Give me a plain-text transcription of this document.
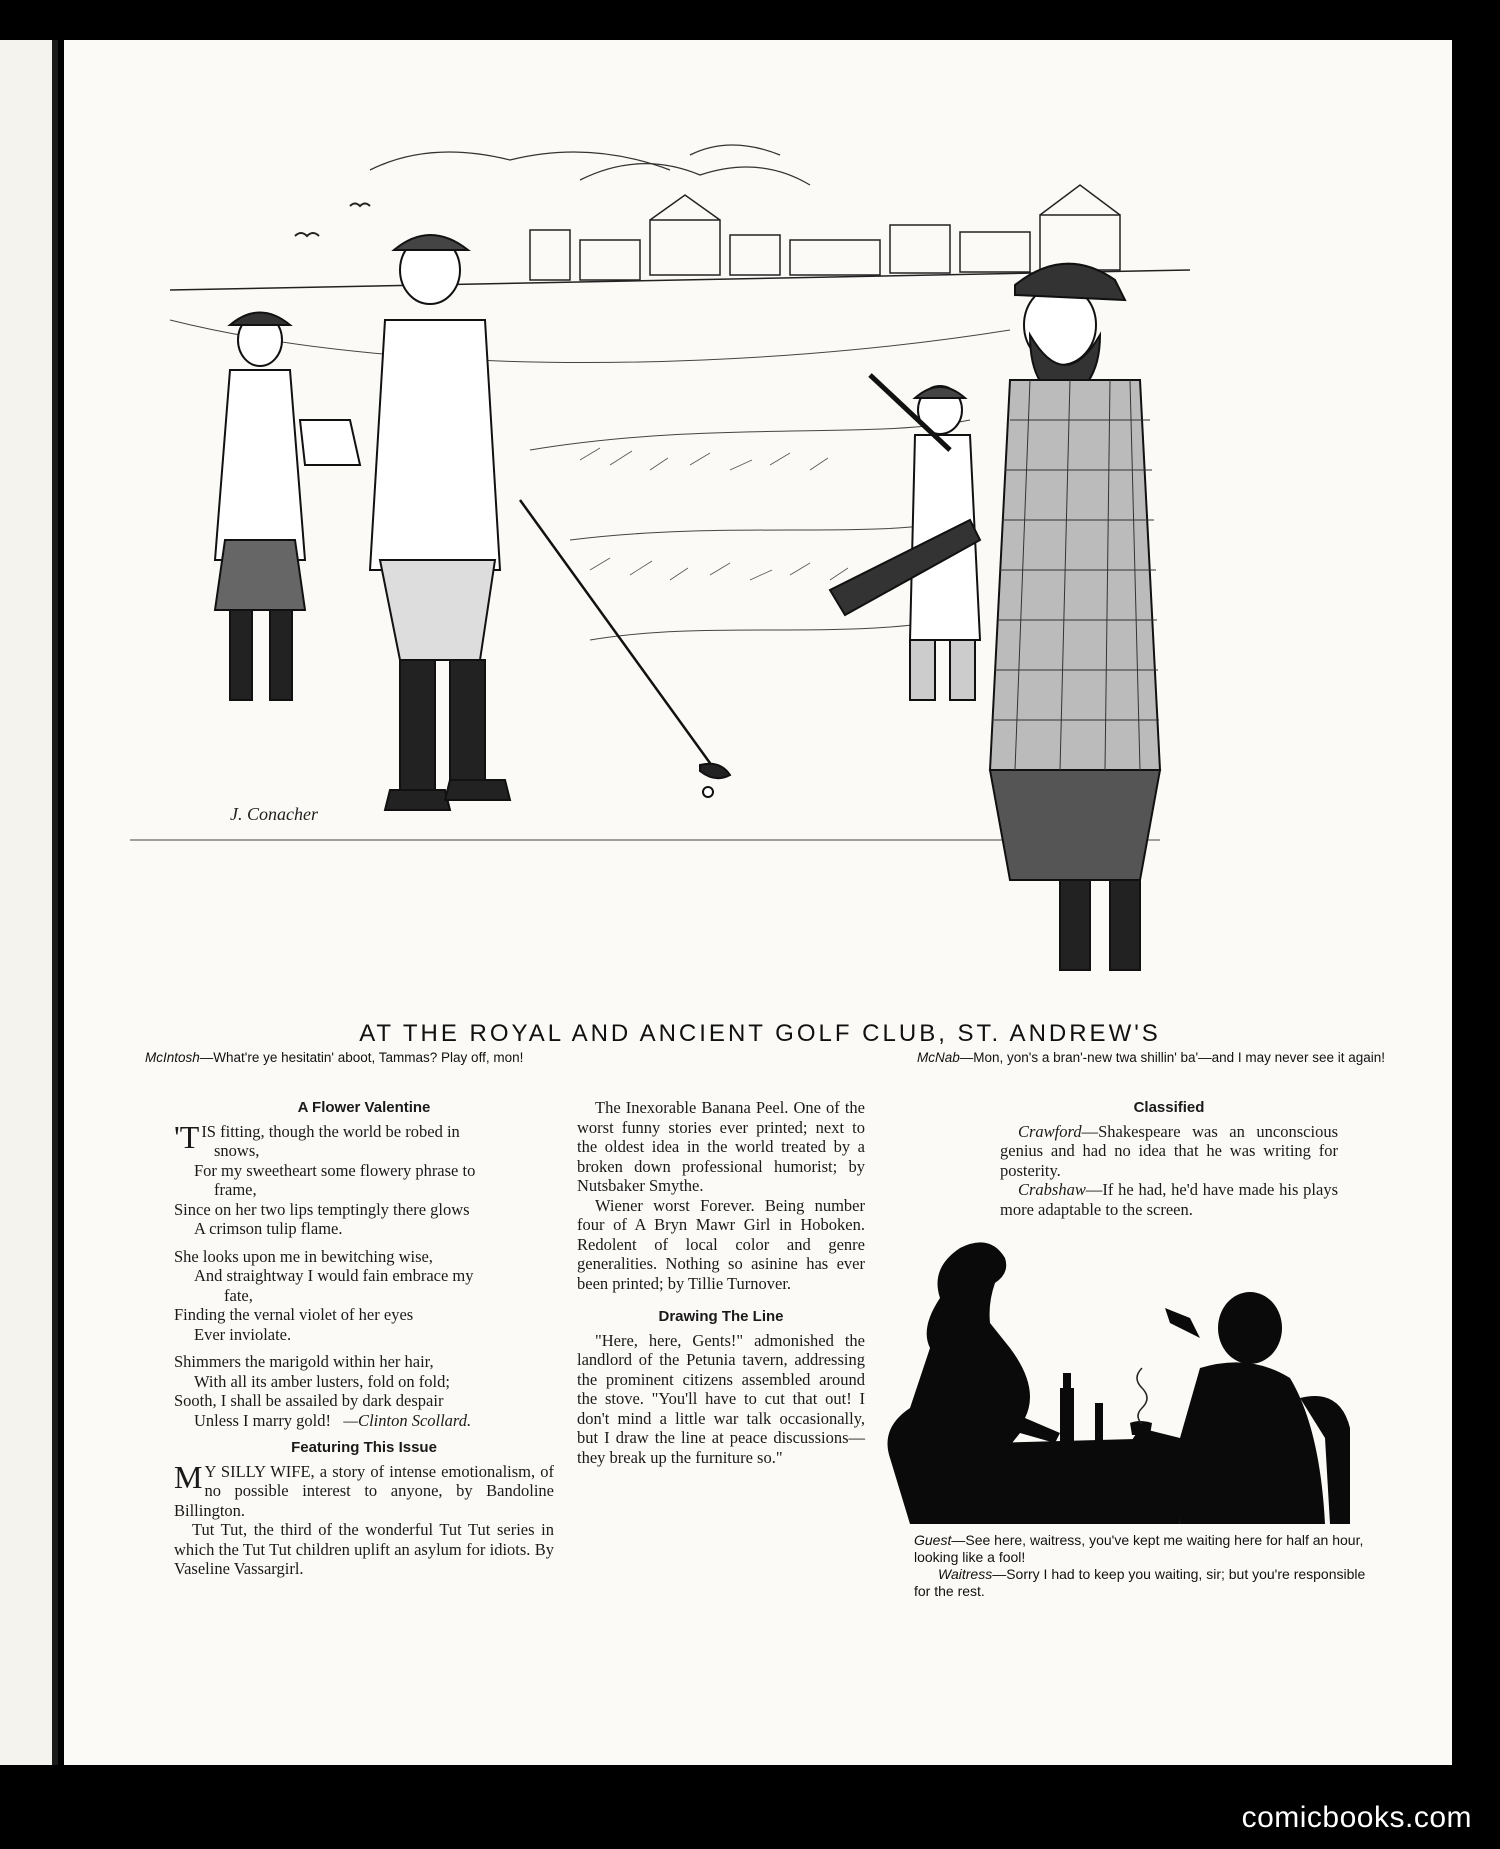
J. Conacher
AT THE ROYAL AND ANCIENT GOLF CLUB, ST. ANDREW'S
McIntosh—What're ye hesitatin' aboot, Tammas? Play off, mon!	McNab—Mon, yon's a bran'-new twa shillin' ba'—and I may never see it again!
A Flower Valentine

'TIS fitting, though the world be robed in

snows,

For my sweetheart some flowery phrase to

frame,

Since on her two lips temptingly there glows

A crimson tulip flame.

She looks upon me in bewitching wise,

And straightway I would fain embrace my

fate,

Finding the vernal violet of her eyes

Ever inviolate.

Shimmers the marigold within her hair,

With all its amber lusters, fold on fold;

Sooth, I shall be assailed by dark despair

Unless I marry gold! —Clinton Scollard.

Featuring This Issue

M Y SILLY WIFE, a story of intense emotionalism, of no possible interest to anyone, by Bandoline Billington.

Tut Tut, the third of the wonderful Tut Tut series in which the Tut Tut children uplift an asylum for idiots. By Vaseline Vassargirl.

The Inexorable Banana Peel. One of the worst funny stories ever printed; next to the oldest idea in the world treated by a broken down professional humorist; by Nutsbaker Smythe.

Wiener worst Forever. Being number four of A Bryn Mawr Girl in Hoboken. Redolent of local color and genre generalities. Nothing so asinine has ever been printed; by Tillie Turnover.

Drawing The Line

"Here, here, Gents!" admonished the landlord of the Petunia tavern, addressing the prominent citizens assembled around the stove. "You'll have to cut that out! I don't mind a little war talk occasionally, but I draw the line at peace discussions—they break up the furniture so."

Classified

Crawford—Shakespeare was an unconscious genius and had no idea that he was writing for posterity.

Crabshaw—If he had, he'd have made his plays more adaptable to the screen.

Guest—See here, waitress, you've kept me waiting here for half an hour, looking like a fool!

Waitress—Sorry I had to keep you waiting, sir; but you're responsible for the rest.

comicbooks.com
